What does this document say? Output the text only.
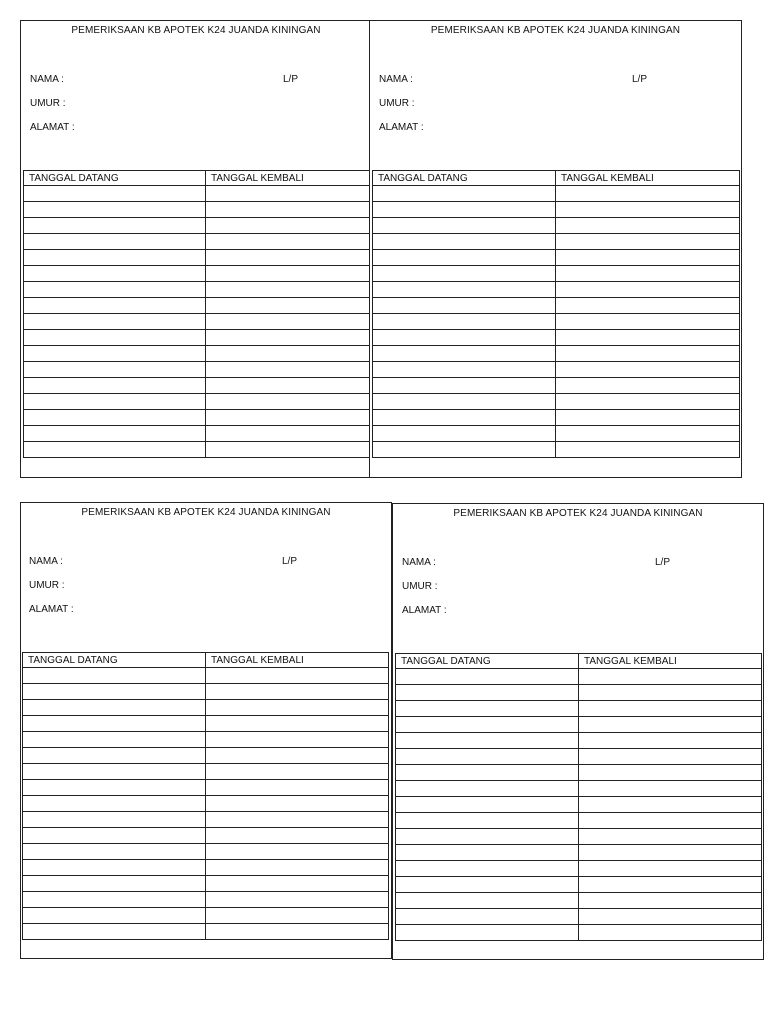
PEMERIKSAAN KB APOTEK K24 JUANDA KININGAN
NAMA :	L/P
UMUR :
ALAMAT :
TANGGAL DATANG	TANGGAL KEMBALI

PEMERIKSAAN KB APOTEK K24 JUANDA KININGAN
NAMA :	L/P
UMUR :
ALAMAT :
TANGGAL DATANG	TANGGAL KEMBALI

PEMERIKSAAN KB APOTEK K24 JUANDA KININGAN
NAMA :	L/P
UMUR :
ALAMAT :
TANGGAL DATANG	TANGGAL KEMBALI

PEMERIKSAAN KB APOTEK K24 JUANDA KININGAN
NAMA :	L/P
UMUR :
ALAMAT :
TANGGAL DATANG	TANGGAL KEMBALI
